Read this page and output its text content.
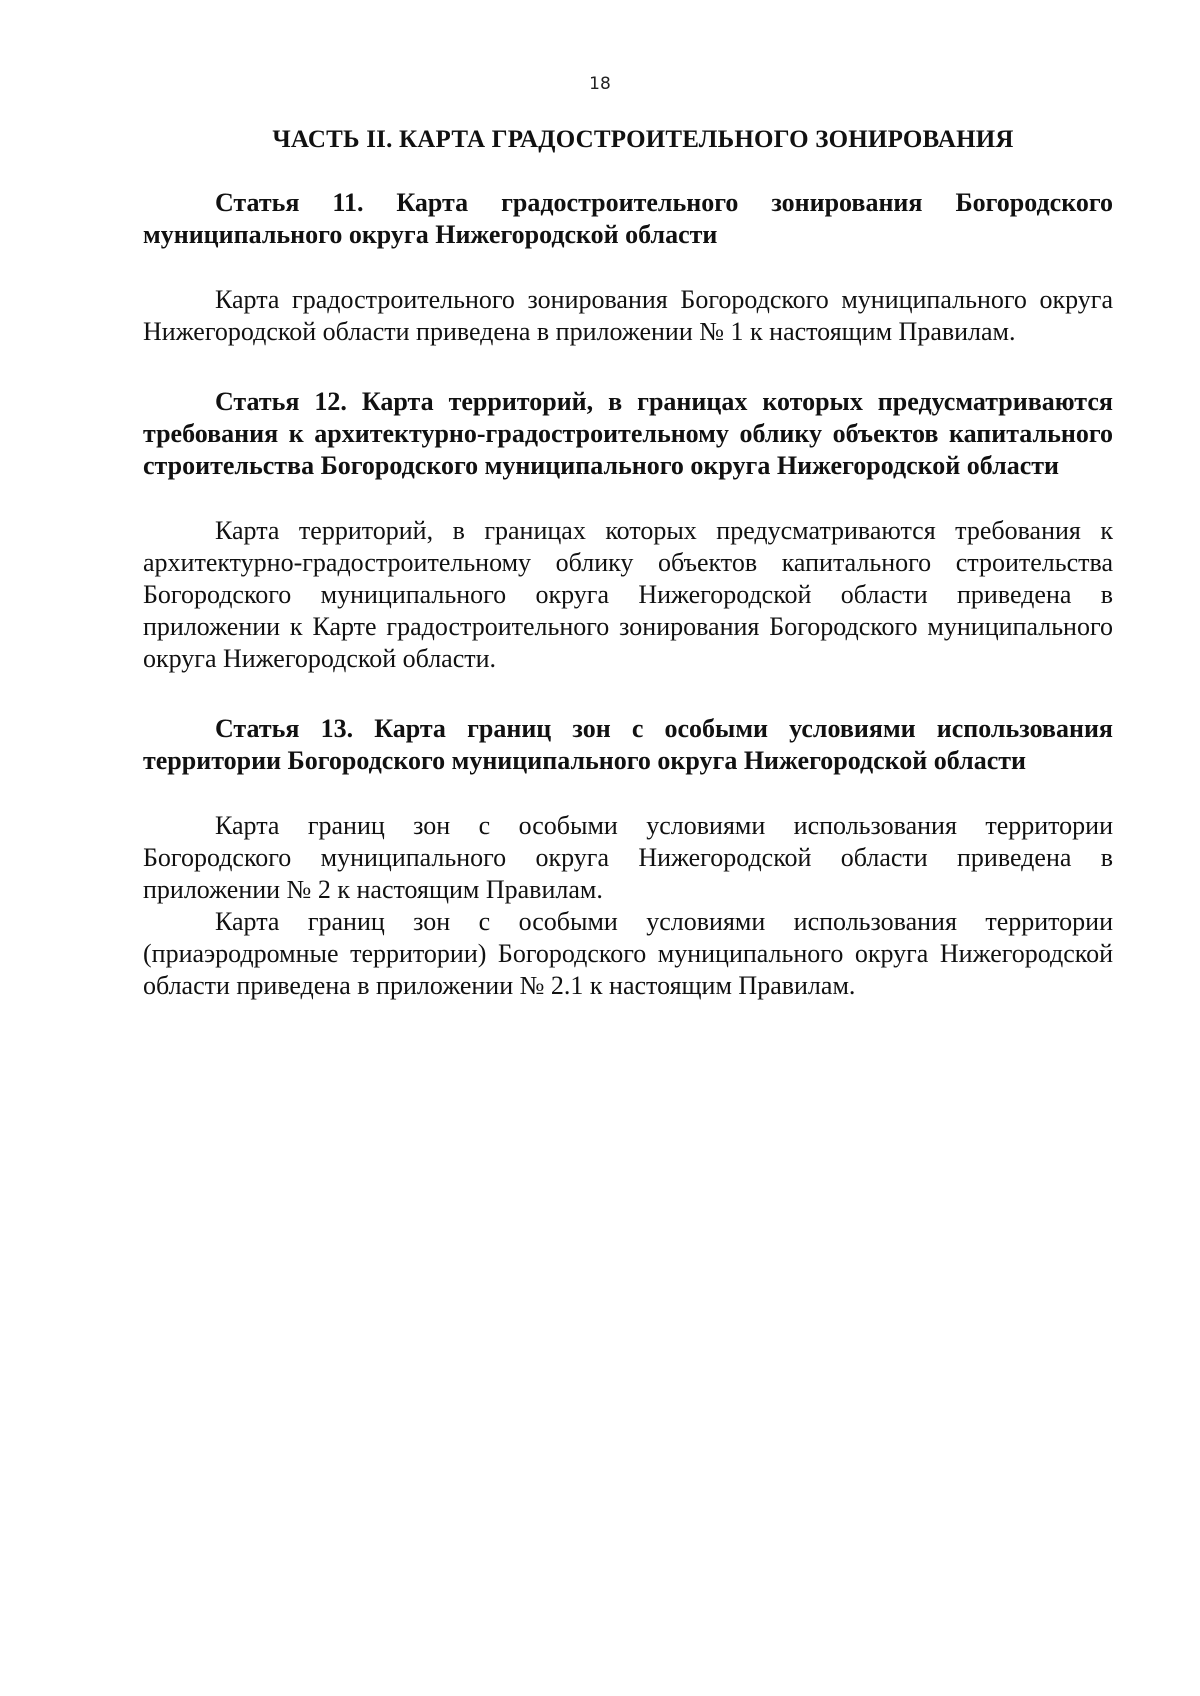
18
ЧАСТЬ II. КАРТА ГРАДОСТРОИТЕЛЬНОГО ЗОНИРОВАНИЯ

Статья 11. Карта градостроительного зонирования Богородского муниципального округа Нижегородской области

Карта градостроительного зонирования Богородского муниципального округа Нижегородской области приведена в приложении № 1 к настоящим Правилам.

Статья 12. Карта территорий, в границах которых предусматриваются требования к архитектурно-градостроительному облику объектов капитального строительства Богородского муниципального округа Нижегородской области

Карта территорий, в границах которых предусматриваются требования к архитектурно-градостроительному облику объектов капитального строительства Богородского муниципального округа Нижегородской области приведена в приложении к Карте градостроительного зонирования Богородского муниципального округа Нижегородской области.

Статья 13. Карта границ зон с особыми условиями использования территории Богородского муниципального округа Нижегородской области

Карта границ зон с особыми условиями использования территории Богородского муниципального округа Нижегородской области приведена в приложении № 2 к настоящим Правилам.

Карта границ зон с особыми условиями использования территории (приаэродромные территории) Богородского муниципального округа Нижегородской области приведена в приложении № 2.1 к настоящим Правилам.
